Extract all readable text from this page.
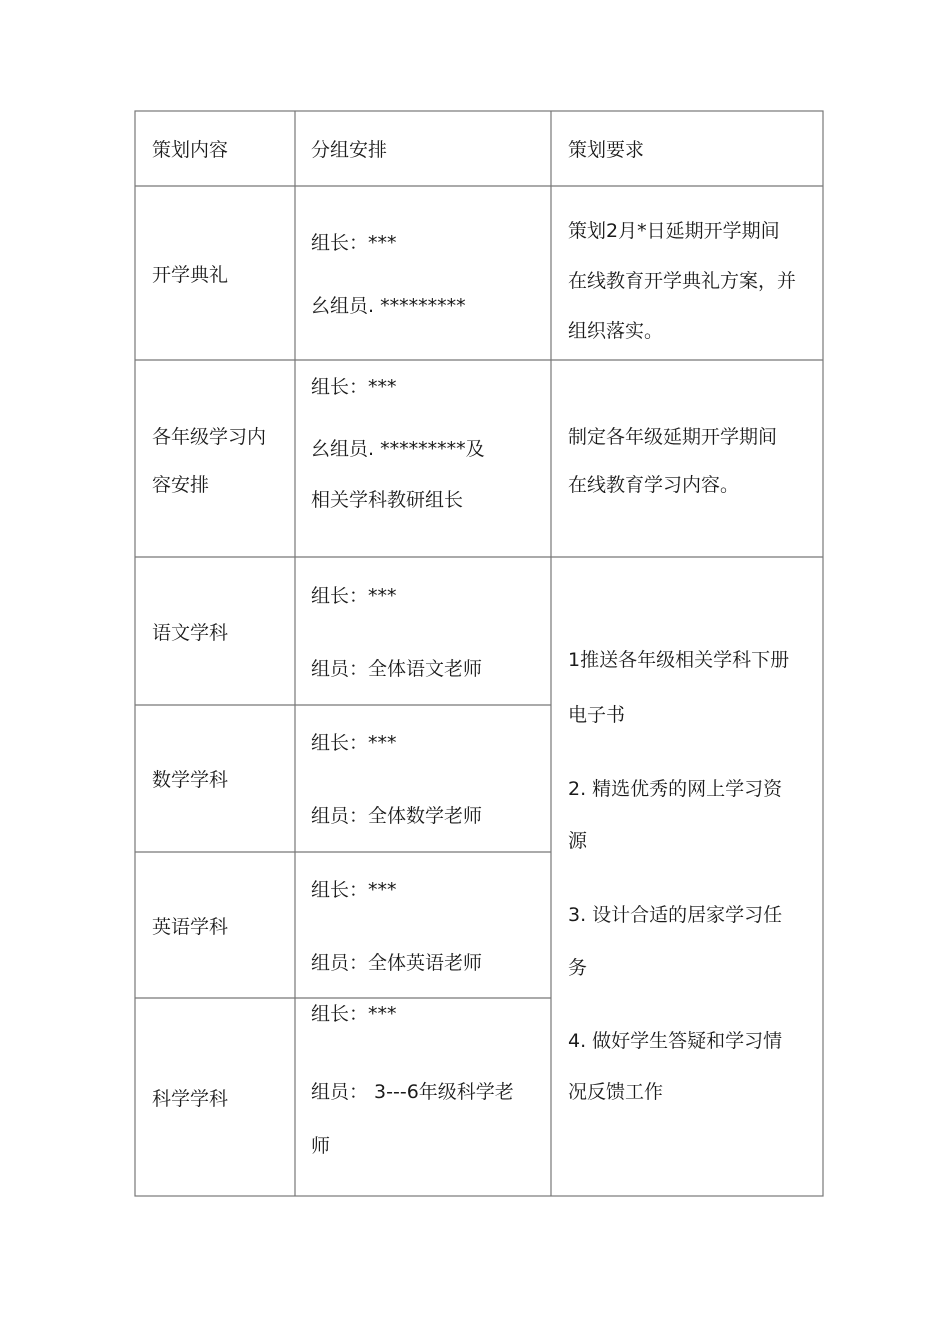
策划内容	分组安排	策划要求
开学典礼
组长：***
幺组员. *********
策划2月*日延期开学期间
在线教育开学典礼方案，并
组织落实。
各年级学习内
容安排
组长：***
幺组员. *********及
相关学科教研组长
制定各年级延期开学期间
在线教育学习内容。
语文学科
组长：***
组员：全体语文老师
数学学科
组长：***
组员：全体数学老师
英语学科
组长：***
组员：全体英语老师
科学学科
组长：***
组员： 3---6年级科学老
师
1推送各年级相关学科下册
电子书
2. 精选优秀的网上学习资
源
3. 设计合适的居家学习任
务
4. 做好学生答疑和学习情
况反馈工作
